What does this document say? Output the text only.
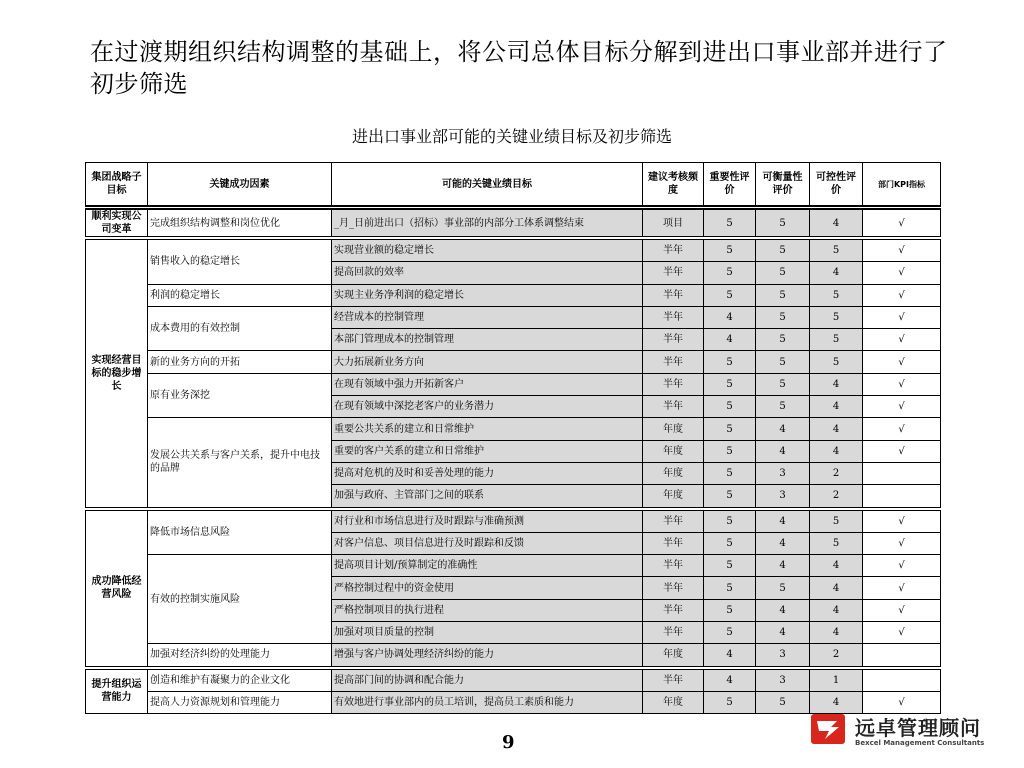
在过渡期组织结构调整的基础上，将公司总体目标分解到进出口事业部并进行了初步筛选
进出口事业部可能的关键业绩目标及初步筛选
集团战略子目标	关键成功因素	可能的关键业绩目标	建议考核频度	重要性评价	可衡量性评价	可控性评价	部门KPI指标
顺利实现公司变革	完成组织结构调整和岗位优化	_月_日前进出口（招标）事业部的内部分工体系调整结束	项目	5	5	4	√
实现经营目标的稳步增长	销售收入的稳定增长	实现营业额的稳定增长	半年	5	5	5	√
		提高回款的效率	半年	5	5	4	√
	利润的稳定增长	实现主业务净利润的稳定增长	半年	5	5	5	√
	成本费用的有效控制	经营成本的控制管理	半年	4	5	5	√
		本部门管理成本的控制管理	半年	4	5	5	√
	新的业务方向的开拓	大力拓展新业务方向	半年	5	5	5	√
	原有业务深挖	在现有领域中强力开拓新客户	半年	5	5	4	√
		在现有领域中深挖老客户的业务潜力	半年	5	5	4	√
	发展公共关系与客户关系，提升中电技的品牌	重要公共关系的建立和日常维护	年度	5	4	4	√
		重要的客户关系的建立和日常维护	年度	5	4	4	√
		提高对危机的及时和妥善处理的能力	年度	5	3	2	
		加强与政府、主管部门之间的联系	年度	5	3	2	
成功降低经营风险	降低市场信息风险	对行业和市场信息进行及时跟踪与准确预测	半年	5	4	5	√
		对客户信息、项目信息进行及时跟踪和反馈	半年	5	4	5	√
	有效的控制实施风险	提高项目计划/预算制定的准确性	半年	5	4	4	√
		严格控制过程中的资金使用	半年	5	5	4	√
		严格控制项目的执行进程	半年	5	4	4	√
		加强对项目质量的控制	半年	5	4	4	√
	加强对经济纠纷的处理能力	增强与客户协调处理经济纠纷的能力	年度	4	3	2	
提升组织运营能力	创造和维护有凝聚力的企业文化	提高部门间的协调和配合能力	半年	4	3	1	
	提高人力资源规划和管理能力	有效地进行事业部内的员工培训，提高员工素质和能力	年度	5	5	4	√
9
远卓管理顾问
Bexcel Management Consultants
